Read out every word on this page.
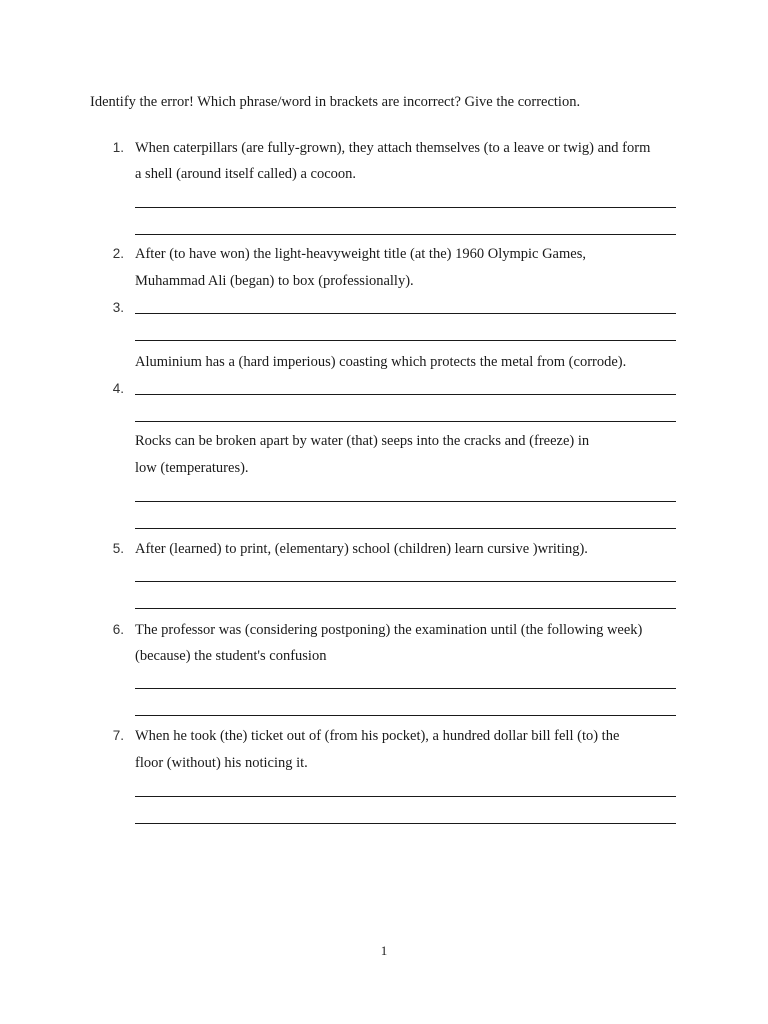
Identify the error! Which phrase/word in brackets are incorrect? Give the correction.
1. When caterpillars (are fully-grown), they attach themselves (to a leave or twig) and form
a shell (around itself called) a cocoon.
2. After (to have won) the light-heavyweight title (at the) 1960 Olympic Games,
Muhammad Ali (began) to box (professionally).
3.
Aluminium has a (hard imperious) coasting which protects the metal from (corrode).
4.
Rocks can be broken apart by water (that) seeps into the cracks and (freeze) in
low (temperatures).
5. After (learned) to print, (elementary) school (children) learn cursive )writing).
6. The professor was (considering postponing) the examination until (the following week)
(because) the student's confusion
7. When he took (the) ticket out of (from his pocket), a hundred dollar bill fell (to) the
floor (without) his noticing it.
1
